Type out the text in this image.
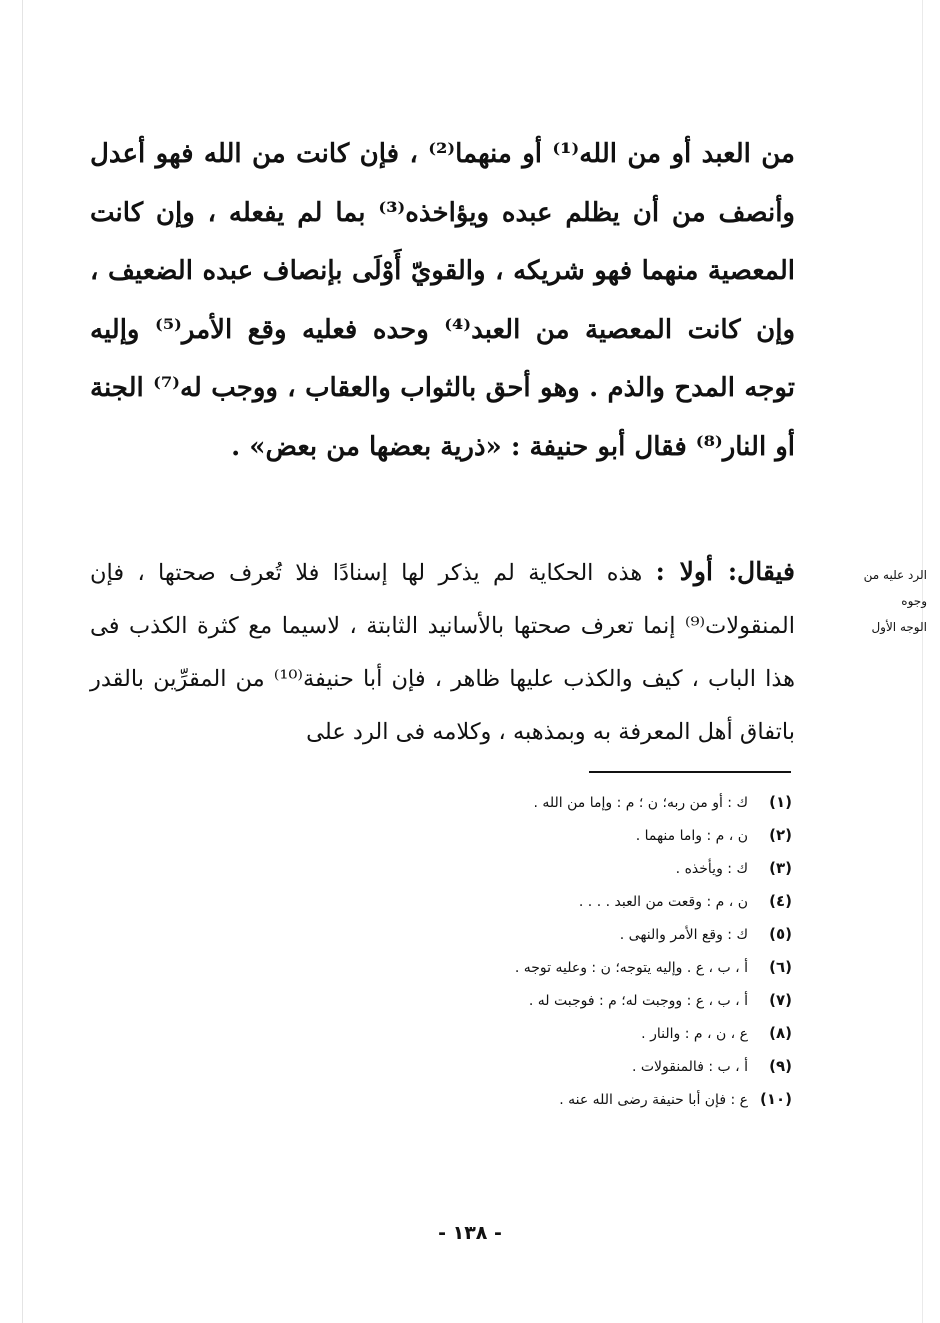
من العبد أو من الله⁽¹⁾ أو منهما⁽²⁾ ، فإن كانت من الله فهو أعدل وأنصف من أن يظلم عبده ويؤاخذه⁽³⁾ بما لم يفعله ، وإن كانت المعصية منهما فهو شريكه ، والقويّ أَوْلَى بإنصاف عبده الضعيف ، وإن كانت المعصية من العبد⁽⁴⁾ وحده فعليه وقع الأمر⁽⁵⁾ وإليه توجه المدح والذم . وهو أحق بالثواب والعقاب ، ووجب له⁽⁷⁾ الجنة أو النار⁽⁸⁾ فقال أبو حنيفة : «ذرية بعضها من بعض» .

الرد عليه من
وجوه
الوجه الأول

فيقال: أولا : هذه الحكاية لم يذكر لها إسنادًا فلا تُعرف صحتها ، فإن المنقولات⁽⁹⁾ إنما تعرف صحتها بالأسانيد الثابتة ، لاسيما مع كثرة الكذب فى هذا الباب ، كيف والكذب عليها ظاهر ، فإن أبا حنيفة⁽¹⁰⁾ من المقرِّين بالقدر باتفاق أهل المعرفة به وبمذهبه ، وكلامه فى الرد على

(١)ك : أو من ربه؛ ن ؛ م : وإما من الله .
(٢)ن ، م : واما منهما .
(٣)ك : ويأخذه .
(٤)ن ، م : وقعت من العبد . . . .
(٥)ك : وقع الأمر والنهى .
(٦)أ ، ب ، ع . وإليه يتوجه؛ ن : وعليه توجه .
(٧)أ ، ب ، ع : ووجبت له؛ م : فوجبت له .
(٨)ع ، ن ، م : والنار .
(٩)أ ، ب : فالمنقولات .
(١٠)ع : فإن أبا حنيفة رضى الله عنه .
- ١٣٨ -
